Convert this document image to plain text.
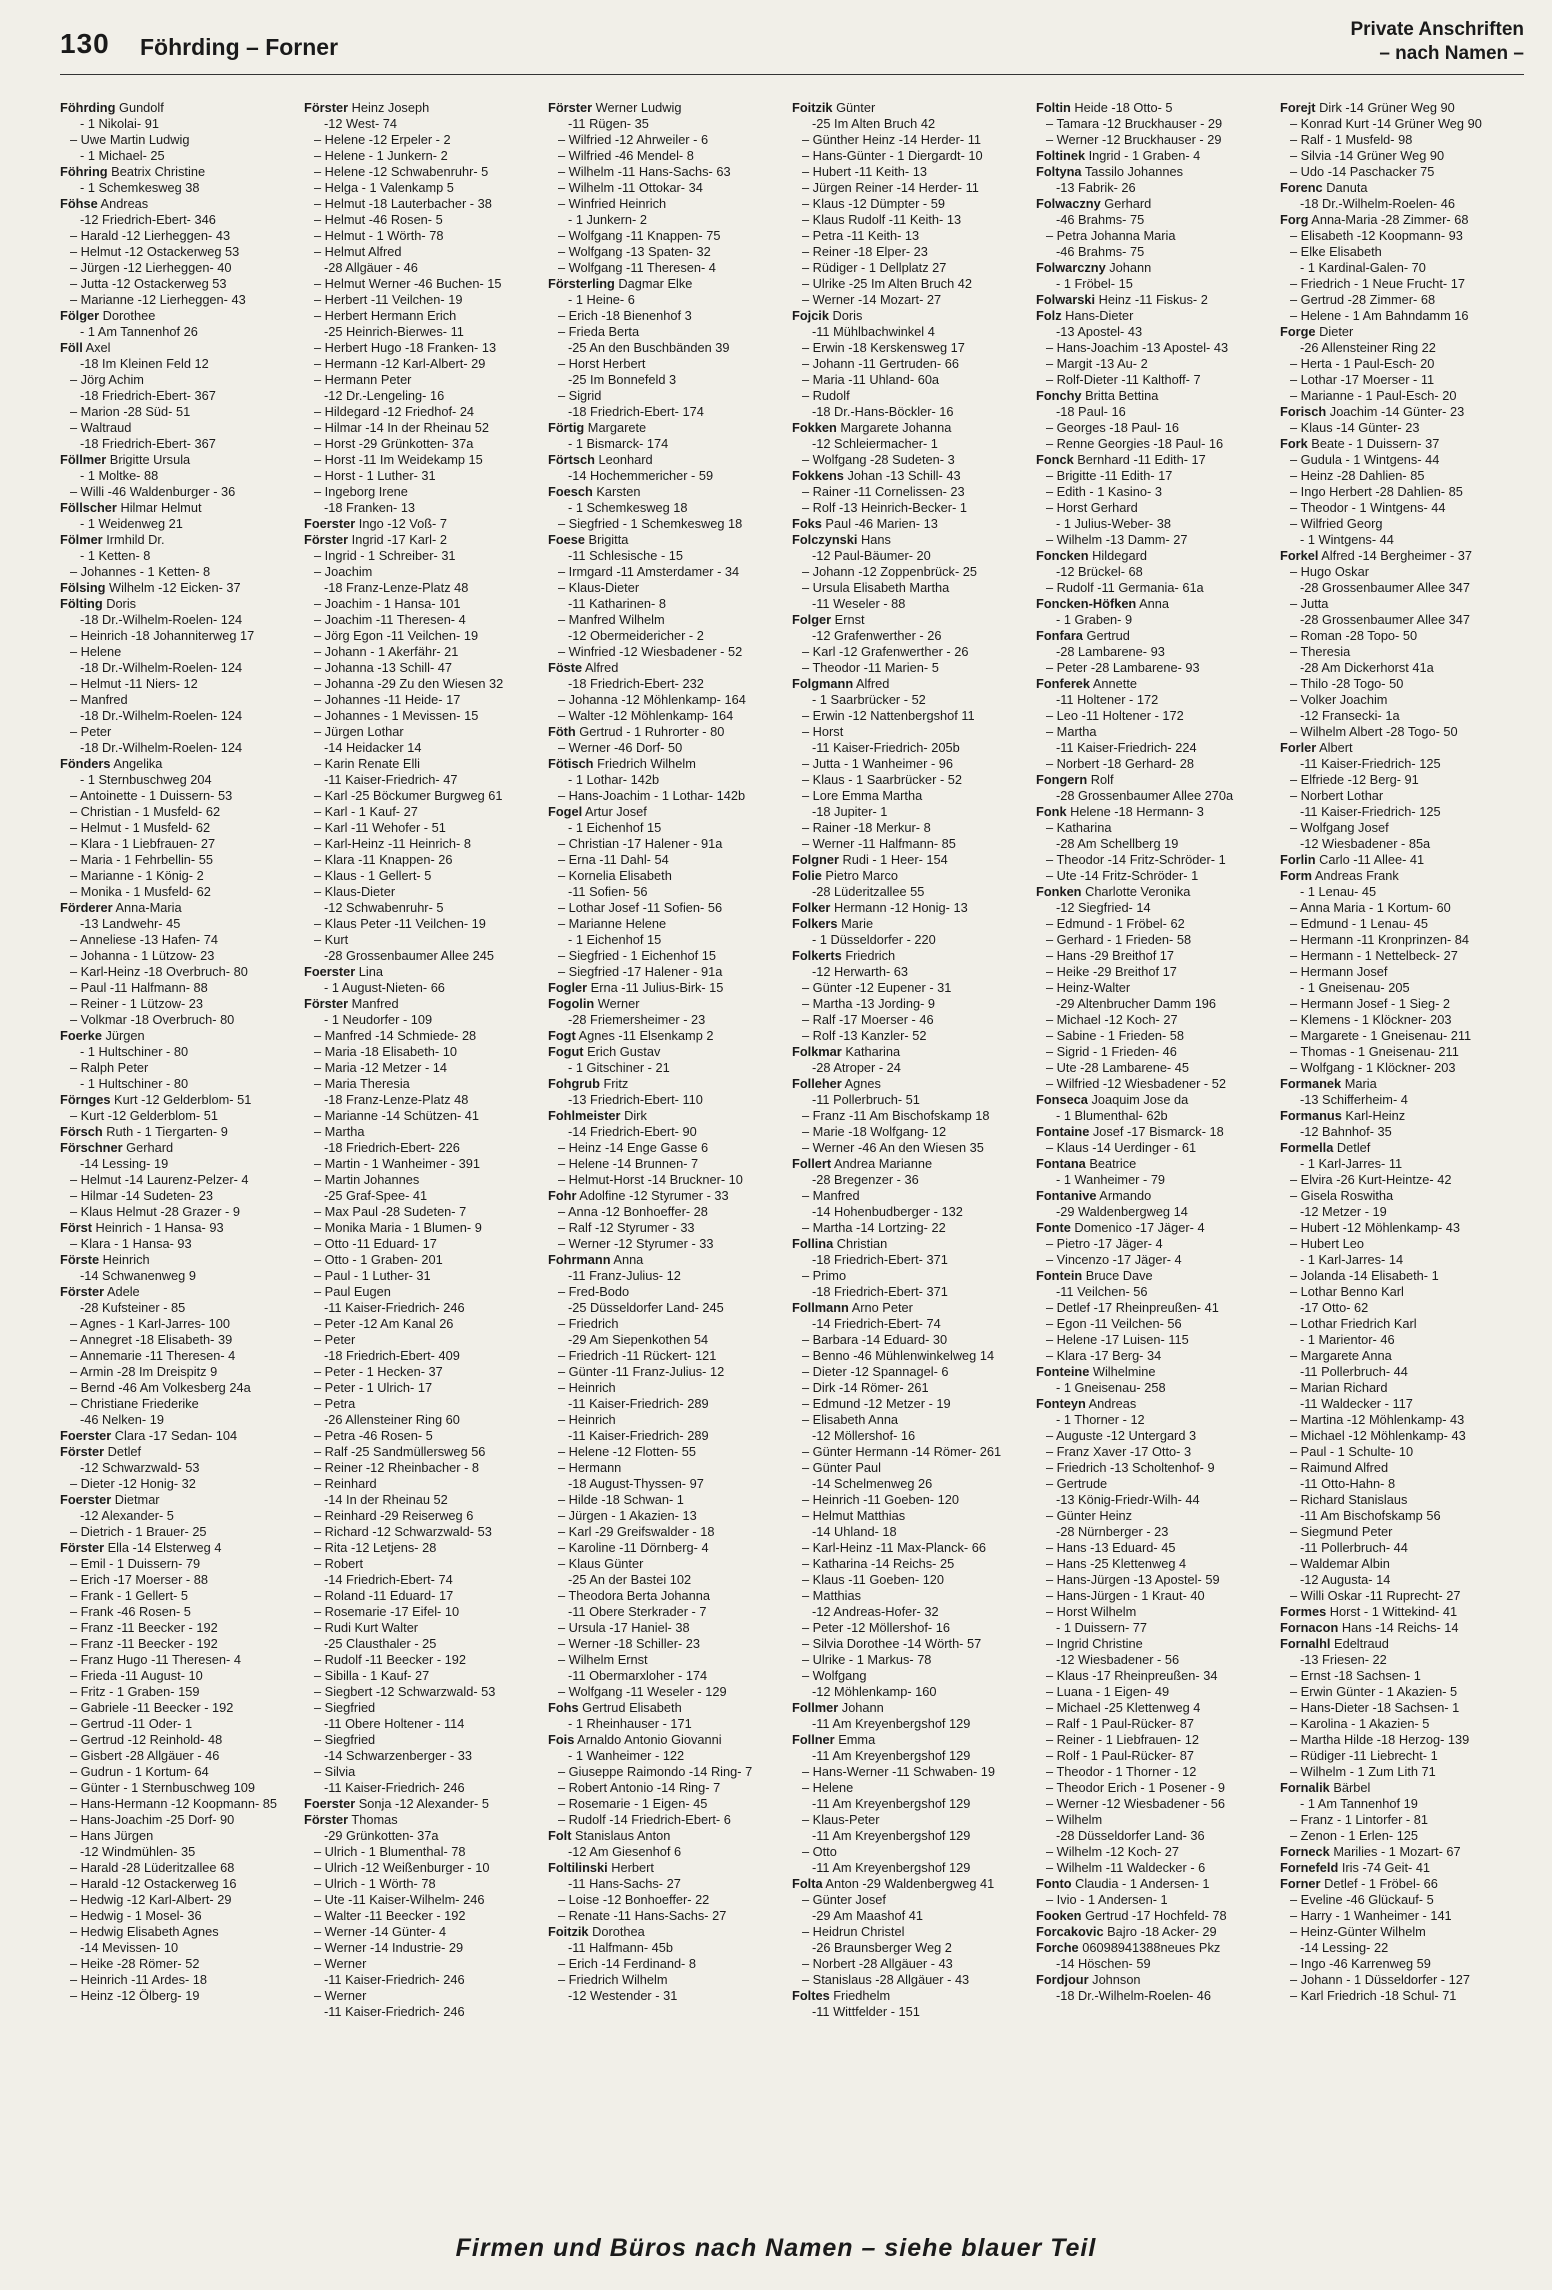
130 Föhrding – Forner
Private Anschriften
– nach Namen –
Föhrding Gundolf
- 1 Nikolai- 91
– Uwe Martin Ludwig
- 1 Michael- 25
Föhring Beatrix Christine
- 1 Schemkesweg 38
Föhse Andreas
-12 Friedrich-Ebert- 346
– Harald -12 Lierheggen- 43
– Helmut -12 Ostackerweg 53
– Jürgen -12 Lierheggen- 40
– Jutta -12 Ostackerweg 53
– Marianne -12 Lierheggen- 43
Fölger Dorothee
- 1 Am Tannenhof 26
Föll Axel
-18 Im Kleinen Feld 12
– Jörg Achim
-18 Friedrich-Ebert- 367
– Marion -28 Süd- 51
– Waltraud
-18 Friedrich-Ebert- 367
Föllmer Brigitte Ursula
- 1 Moltke- 88
– Willi -46 Waldenburger - 36
Föllscher Hilmar Helmut
- 1 Weidenweg 21
Fölmer Irmhild Dr.
- 1 Ketten- 8
– Johannes - 1 Ketten- 8
Fölsing Wilhelm -12 Eicken- 37
Fölting Doris
-18 Dr.-Wilhelm-Roelen- 124
– Heinrich -18 Johanniterweg 17
– Helene
-18 Dr.-Wilhelm-Roelen- 124
– Helmut -11 Niers- 12
– Manfred
-18 Dr.-Wilhelm-Roelen- 124
– Peter
-18 Dr.-Wilhelm-Roelen- 124
Fönders Angelika
- 1 Sternbuschweg 204
– Antoinette - 1 Duissern- 53
– Christian - 1 Musfeld- 62
– Helmut - 1 Musfeld- 62
– Klara - 1 Liebfrauen- 27
– Maria - 1 Fehrbellin- 55
– Marianne - 1 König- 2
– Monika - 1 Musfeld- 62
Förderer Anna-Maria
-13 Landwehr- 45
– Anneliese -13 Hafen- 74
– Johanna - 1 Lützow- 23
– Karl-Heinz -18 Overbruch- 80
– Paul -11 Halfmann- 88
– Reiner - 1 Lützow- 23
– Volkmar -18 Overbruch- 80
Foerke Jürgen
- 1 Hultschiner - 80
– Ralph Peter
- 1 Hultschiner - 80
Förnges Kurt -12 Gelderblom- 51
– Kurt -12 Gelderblom- 51
Försch Ruth - 1 Tiergarten- 9
Förschner Gerhard
-14 Lessing- 19
– Helmut -14 Laurenz-Pelzer- 4
– Hilmar -14 Sudeten- 23
– Klaus Helmut -28 Grazer - 9
Först Heinrich - 1 Hansa- 93
– Klara - 1 Hansa- 93
Förste Heinrich
-14 Schwanenweg 9
Förster Adele
-28 Kufsteiner - 85
– Agnes - 1 Karl-Jarres- 100
– Annegret -18 Elisabeth- 39
– Annemarie -11 Theresen- 4
– Armin -28 Im Dreispitz 9
– Bernd -46 Am Volkesberg 24a
– Christiane Friederike
-46 Nelken- 19
Foerster Clara -17 Sedan- 104
Förster Detlef
-12 Schwarzwald- 53
– Dieter -12 Honig- 32
Foerster Dietmar
-12 Alexander- 5
– Dietrich - 1 Brauer- 25
Förster Ella -14 Elsterweg 4
– Emil - 1 Duissern- 79
– Erich -17 Moerser - 88
– Frank - 1 Gellert- 5
– Frank -46 Rosen- 5
– Franz -11 Beecker - 192
– Franz -11 Beecker - 192
– Franz Hugo -11 Theresen- 4
– Frieda -11 August- 10
– Fritz - 1 Graben- 159
– Gabriele -11 Beecker - 192
– Gertrud -11 Oder- 1
– Gertrud -12 Reinhold- 48
– Gisbert -28 Allgäuer - 46
– Gudrun - 1 Kortum- 64
– Günter - 1 Sternbuschweg 109
– Hans-Hermann -12 Koopmann- 85
– Hans-Joachim -25 Dorf- 90
– Hans Jürgen
-12 Windmühlen- 35
– Harald -28 Lüderitzallee 68
– Harald -12 Ostackerweg 16
– Hedwig -12 Karl-Albert- 29
– Hedwig - 1 Mosel- 36
– Hedwig Elisabeth Agnes
-14 Mevissen- 10
– Heike -28 Römer- 52
– Heinrich -11 Ardes- 18
– Heinz -12 Ölberg- 19
Förster Heinz Joseph
-12 West- 74
– Helene -12 Erpeler - 2
– Helene - 1 Junkern- 2
– Helene -12 Schwabenruhr- 5
– Helga - 1 Valenkamp 5
– Helmut -18 Lauterbacher - 38
– Helmut -46 Rosen- 5
– Helmut - 1 Wörth- 78
– Helmut Alfred
-28 Allgäuer - 46
– Helmut Werner -46 Buchen- 15
– Herbert -11 Veilchen- 19
– Herbert Hermann Erich
-25 Heinrich-Bierwes- 11
– Herbert Hugo -18 Franken- 13
– Hermann -12 Karl-Albert- 29
– Hermann Peter
-12 Dr.-Lengeling- 16
– Hildegard -12 Friedhof- 24
– Hilmar -14 In der Rheinau 52
– Horst -29 Grünkotten- 37a
– Horst -11 Im Weidekamp 15
– Horst - 1 Luther- 31
– Ingeborg Irene
-18 Franken- 13
Foerster Ingo -12 Voß- 7
Förster Ingrid -17 Karl- 2
– Ingrid - 1 Schreiber- 31
– Joachim
-18 Franz-Lenze-Platz 48
– Joachim - 1 Hansa- 101
– Joachim -11 Theresen- 4
– Jörg Egon -11 Veilchen- 19
– Johann - 1 Akerfähr- 21
– Johanna -13 Schill- 47
– Johanna -29 Zu den Wiesen 32
– Johannes -11 Heide- 17
– Johannes - 1 Mevissen- 15
– Jürgen Lothar
-14 Heidacker 14
– Karin Renate Elli
-11 Kaiser-Friedrich- 47
– Karl -25 Böckumer Burgweg 61
– Karl - 1 Kauf- 27
– Karl -11 Wehofer - 51
– Karl-Heinz -11 Heinrich- 8
– Klara -11 Knappen- 26
– Klaus - 1 Gellert- 5
– Klaus-Dieter
-12 Schwabenruhr- 5
– Klaus Peter -11 Veilchen- 19
– Kurt
-28 Grossenbaumer Allee 245
Foerster Lina
- 1 August-Nieten- 66
Förster Manfred
- 1 Neudorfer - 109
– Manfred -14 Schmiede- 28
– Maria -18 Elisabeth- 10
– Maria -12 Metzer - 14
– Maria Theresia
-18 Franz-Lenze-Platz 48
– Marianne -14 Schützen- 41
– Martha
-18 Friedrich-Ebert- 226
– Martin - 1 Wanheimer - 391
– Martin Johannes
-25 Graf-Spee- 41
– Max Paul -28 Sudeten- 7
– Monika Maria - 1 Blumen- 9
– Otto -11 Eduard- 17
– Otto - 1 Graben- 201
– Paul - 1 Luther- 31
– Paul Eugen
-11 Kaiser-Friedrich- 246
– Peter -12 Am Kanal 26
– Peter
-18 Friedrich-Ebert- 409
– Peter - 1 Hecken- 37
– Peter - 1 Ulrich- 17
– Petra
-26 Allensteiner Ring 60
– Petra -46 Rosen- 5
– Ralf -25 Sandmüllersweg 56
– Reiner -12 Rheinbacher - 8
– Reinhard
-14 In der Rheinau 52
– Reinhard -29 Reiserweg 6
– Richard -12 Schwarzwald- 53
– Rita -12 Letjens- 28
– Robert
-14 Friedrich-Ebert- 74
– Roland -11 Eduard- 17
– Rosemarie -17 Eifel- 10
– Rudi Kurt Walter
-25 Clausthaler - 25
– Rudolf -11 Beecker - 192
– Sibilla - 1 Kauf- 27
– Siegbert -12 Schwarzwald- 53
– Siegfried
-11 Obere Holtener - 114
– Siegfried
-14 Schwarzenberger - 33
– Silvia
-11 Kaiser-Friedrich- 246
Foerster Sonja -12 Alexander- 5
Förster Thomas
-29 Grünkotten- 37a
– Ulrich - 1 Blumenthal- 78
– Ulrich -12 Weißenburger - 10
– Ulrich - 1 Wörth- 78
– Ute -11 Kaiser-Wilhelm- 246
– Walter -11 Beecker - 192
– Werner -14 Günter- 4
– Werner -14 Industrie- 29
– Werner
-11 Kaiser-Friedrich- 246
– Werner
-11 Kaiser-Friedrich- 246
Förster Werner Ludwig
-11 Rügen- 35
– Wilfried -12 Ahrweiler - 6
– Wilfried -46 Mendel- 8
– Wilhelm -11 Hans-Sachs- 63
– Wilhelm -11 Ottokar- 34
– Winfried Heinrich
- 1 Junkern- 2
– Wolfgang -11 Knappen- 75
– Wolfgang -13 Spaten- 32
– Wolfgang -11 Theresen- 4
Försterling Dagmar Elke
- 1 Heine- 6
– Erich -18 Bienenhof 3
– Frieda Berta
-25 An den Buschbänden 39
– Horst Herbert
-25 Im Bonnefeld 3
– Sigrid
-18 Friedrich-Ebert- 174
Förtig Margarete
- 1 Bismarck- 174
Förtsch Leonhard
-14 Hochemmericher - 59
Foesch Karsten
- 1 Schemkesweg 18
– Siegfried - 1 Schemkesweg 18
Foese Brigitta
-11 Schlesische - 15
– Irmgard -11 Amsterdamer - 34
– Klaus-Dieter
-11 Katharinen- 8
– Manfred Wilhelm
-12 Obermeidericher - 2
– Winfried -12 Wiesbadener - 52
Föste Alfred
-18 Friedrich-Ebert- 232
– Johanna -12 Möhlenkamp- 164
– Walter -12 Möhlenkamp- 164
Föth Gertrud - 1 Ruhrorter - 80
– Werner -46 Dorf- 50
Fötisch Friedrich Wilhelm
- 1 Lothar- 142b
– Hans-Joachim - 1 Lothar- 142b
Fogel Artur Josef
- 1 Eichenhof 15
– Christian -17 Halener - 91a
– Erna -11 Dahl- 54
– Kornelia Elisabeth
-11 Sofien- 56
– Lothar Josef -11 Sofien- 56
– Marianne Helene
- 1 Eichenhof 15
– Siegfried - 1 Eichenhof 15
– Siegfried -17 Halener - 91a
Fogler Erna -11 Julius-Birk- 15
Fogolin Werner
-28 Friemersheimer - 23
Fogt Agnes -11 Elsenkamp 2
Fogut Erich Gustav
- 1 Gitschiner - 21
Fohgrub Fritz
-13 Friedrich-Ebert- 110
Fohlmeister Dirk
-14 Friedrich-Ebert- 90
– Heinz -14 Enge Gasse 6
– Helene -14 Brunnen- 7
– Helmut-Horst -14 Bruckner- 10
Fohr Adolfine -12 Styrumer - 33
– Anna -12 Bonhoeffer- 28
– Ralf -12 Styrumer - 33
– Werner -12 Styrumer - 33
Fohrmann Anna
-11 Franz-Julius- 12
– Fred-Bodo
-25 Düsseldorfer Land- 245
– Friedrich
-29 Am Siepenkothen 54
– Friedrich -11 Rückert- 121
– Günter -11 Franz-Julius- 12
– Heinrich
-11 Kaiser-Friedrich- 289
– Heinrich
-11 Kaiser-Friedrich- 289
– Helene -12 Flotten- 55
– Hermann
-18 August-Thyssen- 97
– Hilde -18 Schwan- 1
– Jürgen - 1 Akazien- 13
– Karl -29 Greifswalder - 18
– Karoline -11 Dörnberg- 4
– Klaus Günter
-25 An der Bastei 102
– Theodora Berta Johanna
-11 Obere Sterkrader - 7
– Ursula -17 Haniel- 38
– Werner -18 Schiller- 23
– Wilhelm Ernst
-11 Obermarxloher - 174
– Wolfgang -11 Weseler - 129
Fohs Gertrud Elisabeth
- 1 Rheinhauser - 171
Fois Arnaldo Antonio Giovanni
- 1 Wanheimer - 122
– Giuseppe Raimondo -14 Ring- 7
– Robert Antonio -14 Ring- 7
– Rosemarie - 1 Eigen- 45
– Rudolf -14 Friedrich-Ebert- 6
Folt Stanislaus Anton
-12 Am Giesenhof 6
Foltilinski Herbert
-11 Hans-Sachs- 27
– Loise -12 Bonhoeffer- 22
– Renate -11 Hans-Sachs- 27
Foitzik Dorothea
-11 Halfmann- 45b
– Erich -14 Ferdinand- 8
– Friedrich Wilhelm
-12 Westender - 31
Foitzik Günter
-25 Im Alten Bruch 42
– Günther Heinz -14 Herder- 11
– Hans-Günter - 1 Diergardt- 10
– Hubert -11 Keith- 13
– Jürgen Reiner -14 Herder- 11
– Klaus -12 Dümpter - 59
– Klaus Rudolf -11 Keith- 13
– Petra -11 Keith- 13
– Reiner -18 Elper- 23
– Rüdiger - 1 Dellplatz 27
– Ulrike -25 Im Alten Bruch 42
– Werner -14 Mozart- 27
Fojcik Doris
-11 Mühlbachwinkel 4
– Erwin -18 Kerskensweg 17
– Johann -11 Gertruden- 66
– Maria -11 Uhland- 60a
– Rudolf
-18 Dr.-Hans-Böckler- 16
Fokken Margarete Johanna
-12 Schleiermacher- 1
– Wolfgang -28 Sudeten- 3
Fokkens Johan -13 Schill- 43
– Rainer -11 Cornelissen- 23
– Rolf -13 Heinrich-Becker- 1
Foks Paul -46 Marien- 13
Folczynski Hans
-12 Paul-Bäumer- 20
– Johann -12 Zoppenbrück- 25
– Ursula Elisabeth Martha
-11 Weseler - 88
Folger Ernst
-12 Grafenwerther - 26
– Karl -12 Grafenwerther - 26
– Theodor -11 Marien- 5
Folgmann Alfred
- 1 Saarbrücker - 52
– Erwin -12 Nattenbergshof 11
– Horst
-11 Kaiser-Friedrich- 205b
– Jutta - 1 Wanheimer - 96
– Klaus - 1 Saarbrücker - 52
– Lore Emma Martha
-18 Jupiter- 1
– Rainer -18 Merkur- 8
– Werner -11 Halfmann- 85
Folgner Rudi - 1 Heer- 154
Folie Pietro Marco
-28 Lüderitzallee 55
Folker Hermann -12 Honig- 13
Folkers Marie
- 1 Düsseldorfer - 220
Folkerts Friedrich
-12 Herwarth- 63
– Günter -12 Eupener - 31
– Martha -13 Jording- 9
– Ralf -17 Moerser - 46
– Rolf -13 Kanzler- 52
Folkmar Katharina
-28 Atroper - 24
Folleher Agnes
-11 Pollerbruch- 51
– Franz -11 Am Bischofskamp 18
– Marie -18 Wolfgang- 12
– Werner -46 An den Wiesen 35
Follert Andrea Marianne
-28 Bregenzer - 36
– Manfred
-14 Hohenbudberger - 132
– Martha -14 Lortzing- 22
Follina Christian
-18 Friedrich-Ebert- 371
– Primo
-18 Friedrich-Ebert- 371
Follmann Arno Peter
-14 Friedrich-Ebert- 74
– Barbara -14 Eduard- 30
– Benno -46 Mühlenwinkelweg 14
– Dieter -12 Spannagel- 6
– Dirk -14 Römer- 261
– Edmund -12 Metzer - 19
– Elisabeth Anna
-12 Möllershof- 16
– Günter Hermann -14 Römer- 261
– Günter Paul
-14 Schelmenweg 26
– Heinrich -11 Goeben- 120
– Helmut Matthias
-14 Uhland- 18
– Karl-Heinz -11 Max-Planck- 66
– Katharina -14 Reichs- 25
– Klaus -11 Goeben- 120
– Matthias
-12 Andreas-Hofer- 32
– Peter -12 Möllershof- 16
– Silvia Dorothee -14 Wörth- 57
– Ulrike - 1 Markus- 78
– Wolfgang
-12 Möhlenkamp- 160
Follmer Johann
-11 Am Kreyenbergshof 129
Follner Emma
-11 Am Kreyenbergshof 129
– Hans-Werner -11 Schwaben- 19
– Helene
-11 Am Kreyenbergshof 129
– Klaus-Peter
-11 Am Kreyenbergshof 129
– Otto
-11 Am Kreyenbergshof 129
Folta Anton -29 Waldenbergweg 41
– Günter Josef
-29 Am Maashof 41
– Heidrun Christel
-26 Braunsberger Weg 2
– Norbert -28 Allgäuer - 43
– Stanislaus -28 Allgäuer - 43
Foltes Friedhelm
-11 Wittfelder - 151
Foltin Heide -18 Otto- 5
– Tamara -12 Bruckhauser - 29
– Werner -12 Bruckhauser - 29
Foltinek Ingrid - 1 Graben- 4
Foltyna Tassilo Johannes
-13 Fabrik- 26
Folwaczny Gerhard
-46 Brahms- 75
– Petra Johanna Maria
-46 Brahms- 75
Folwarczny Johann
- 1 Fröbel- 15
Folwarski Heinz -11 Fiskus- 2
Folz Hans-Dieter
-13 Apostel- 43
– Hans-Joachim -13 Apostel- 43
– Margit -13 Au- 2
– Rolf-Dieter -11 Kalthoff- 7
Fonchy Britta Bettina
-18 Paul- 16
– Georges -18 Paul- 16
– Renne Georgies -18 Paul- 16
Fonck Bernhard -11 Edith- 17
– Brigitte -11 Edith- 17
– Edith - 1 Kasino- 3
– Horst Gerhard
- 1 Julius-Weber- 38
– Wilhelm -13 Damm- 27
Foncken Hildegard
-12 Brückel- 68
– Rudolf -11 Germania- 61a
Foncken-Höfken Anna
- 1 Graben- 9
Fonfara Gertrud
-28 Lambarene- 93
– Peter -28 Lambarene- 93
Fonferek Annette
-11 Holtener - 172
– Leo -11 Holtener - 172
– Martha
-11 Kaiser-Friedrich- 224
– Norbert -18 Gerhard- 28
Fongern Rolf
-28 Grossenbaumer Allee 270a
Fonk Helene -18 Hermann- 3
– Katharina
-28 Am Schellberg 19
– Theodor -14 Fritz-Schröder- 1
– Ute -14 Fritz-Schröder- 1
Fonken Charlotte Veronika
-12 Siegfried- 14
– Edmund - 1 Fröbel- 62
– Gerhard - 1 Frieden- 58
– Hans -29 Breithof 17
– Heike -29 Breithof 17
– Heinz-Walter
-29 Altenbrucher Damm 196
– Michael -12 Koch- 27
– Sabine - 1 Frieden- 58
– Sigrid - 1 Frieden- 46
– Ute -28 Lambarene- 45
– Wilfried -12 Wiesbadener - 52
Fonseca Joaquim Jose da
- 1 Blumenthal- 62b
Fontaine Josef -17 Bismarck- 18
– Klaus -14 Uerdinger - 61
Fontana Beatrice
- 1 Wanheimer - 79
Fontanive Armando
-29 Waldenbergweg 14
Fonte Domenico -17 Jäger- 4
– Pietro -17 Jäger- 4
– Vincenzo -17 Jäger- 4
Fontein Bruce Dave
-11 Veilchen- 56
– Detlef -17 Rheinpreußen- 41
– Egon -11 Veilchen- 56
– Helene -17 Luisen- 115
– Klara -17 Berg- 34
Fonteine Wilhelmine
- 1 Gneisenau- 258
Fonteyn Andreas
- 1 Thorner - 12
– Auguste -12 Untergard 3
– Franz Xaver -17 Otto- 3
– Friedrich -13 Scholtenhof- 9
– Gertrude
-13 König-Friedr-Wilh- 44
– Günter Heinz
-28 Nürnberger - 23
– Hans -13 Eduard- 45
– Hans -25 Klettenweg 4
– Hans-Jürgen -13 Apostel- 59
– Hans-Jürgen - 1 Kraut- 40
– Horst Wilhelm
- 1 Duissern- 77
– Ingrid Christine
-12 Wiesbadener - 56
– Klaus -17 Rheinpreußen- 34
– Luana - 1 Eigen- 49
– Michael -25 Klettenweg 4
– Ralf - 1 Paul-Rücker- 87
– Reiner - 1 Liebfrauen- 12
– Rolf - 1 Paul-Rücker- 87
– Theodor - 1 Thorner - 12
– Theodor Erich - 1 Posener - 9
– Werner -12 Wiesbadener - 56
– Wilhelm
-28 Düsseldorfer Land- 36
– Wilhelm -12 Koch- 27
– Wilhelm -11 Waldecker - 6
Fonto Claudia - 1 Andersen- 1
– Ivio - 1 Andersen- 1
Fooken Gertrud -17 Hochfeld- 78
Forcakovic Bajro -18 Acker- 29
Forche 06098941388neues Pkz
-14 Höschen- 59
Fordjour Johnson
-18 Dr.-Wilhelm-Roelen- 46
Forejt Dirk -14 Grüner Weg 90
– Konrad Kurt -14 Grüner Weg 90
– Ralf - 1 Musfeld- 98
– Silvia -14 Grüner Weg 90
– Udo -14 Paschacker 75
Forenc Danuta
-18 Dr.-Wilhelm-Roelen- 46
Forg Anna-Maria -28 Zimmer- 68
– Elisabeth -12 Koopmann- 93
– Elke Elisabeth
- 1 Kardinal-Galen- 70
– Friedrich - 1 Neue Frucht- 17
– Gertrud -28 Zimmer- 68
– Helene - 1 Am Bahndamm 16
Forge Dieter
-26 Allensteiner Ring 22
– Herta - 1 Paul-Esch- 20
– Lothar -17 Moerser - 11
– Marianne - 1 Paul-Esch- 20
Forisch Joachim -14 Günter- 23
– Klaus -14 Günter- 23
Fork Beate - 1 Duissern- 37
– Gudula - 1 Wintgens- 44
– Heinz -28 Dahlien- 85
– Ingo Herbert -28 Dahlien- 85
– Theodor - 1 Wintgens- 44
– Wilfried Georg
- 1 Wintgens- 44
Forkel Alfred -14 Bergheimer - 37
– Hugo Oskar
-28 Grossenbaumer Allee 347
– Jutta
-28 Grossenbaumer Allee 347
– Roman -28 Topo- 50
– Theresia
-28 Am Dickerhorst 41a
– Thilo -28 Togo- 50
– Volker Joachim
-12 Fransecki- 1a
– Wilhelm Albert -28 Togo- 50
Forler Albert
-11 Kaiser-Friedrich- 125
– Elfriede -12 Berg- 91
– Norbert Lothar
-11 Kaiser-Friedrich- 125
– Wolfgang Josef
-12 Wiesbadener - 85a
Forlin Carlo -11 Allee- 41
Form Andreas Frank
- 1 Lenau- 45
– Anna Maria - 1 Kortum- 60
– Edmund - 1 Lenau- 45
– Hermann -11 Kronprinzen- 84
– Hermann - 1 Nettelbeck- 27
– Hermann Josef
- 1 Gneisenau- 205
– Hermann Josef - 1 Sieg- 2
– Klemens - 1 Klöckner- 203
– Margarete - 1 Gneisenau- 211
– Thomas - 1 Gneisenau- 211
– Wolfgang - 1 Klöckner- 203
Formanek Maria
-13 Schifferheim- 4
Formanus Karl-Heinz
-12 Bahnhof- 35
Formella Detlef
- 1 Karl-Jarres- 11
– Elvira -26 Kurt-Heintze- 42
– Gisela Roswitha
-12 Metzer - 19
– Hubert -12 Möhlenkamp- 43
– Hubert Leo
- 1 Karl-Jarres- 14
– Jolanda -14 Elisabeth- 1
– Lothar Benno Karl
-17 Otto- 62
– Lothar Friedrich Karl
- 1 Marientor- 46
– Margarete Anna
-11 Pollerbruch- 44
– Marian Richard
-11 Waldecker - 117
– Martina -12 Möhlenkamp- 43
– Michael -12 Möhlenkamp- 43
– Paul - 1 Schulte- 10
– Raimund Alfred
-11 Otto-Hahn- 8
– Richard Stanislaus
-11 Am Bischofskamp 56
– Siegmund Peter
-11 Pollerbruch- 44
– Waldemar Albin
-12 Augusta- 14
– Willi Oskar -11 Ruprecht- 27
Formes Horst - 1 Wittekind- 41
Fornacon Hans -14 Reichs- 14
Fornalhl Edeltraud
-13 Friesen- 22
– Ernst -18 Sachsen- 1
– Erwin Günter - 1 Akazien- 5
– Hans-Dieter -18 Sachsen- 1
– Karolina - 1 Akazien- 5
– Martha Hilde -18 Herzog- 139
– Rüdiger -11 Liebrecht- 1
– Wilhelm - 1 Zum Lith 71
Fornalik Bärbel
- 1 Am Tannenhof 19
– Franz - 1 Lintorfer - 81
– Zenon - 1 Erlen- 125
Forneck Marilies - 1 Mozart- 67
Fornefeld Iris -74 Geit- 41
Forner Detlef - 1 Fröbel- 66
– Eveline -46 Glückauf- 5
– Harry - 1 Wanheimer - 141
– Heinz-Günter Wilhelm
-14 Lessing- 22
– Ingo -46 Karrenweg 59
– Johann - 1 Düsseldorfer - 127
– Karl Friedrich -18 Schul- 71
Firmen und Büros nach Namen – siehe blauer Teil
